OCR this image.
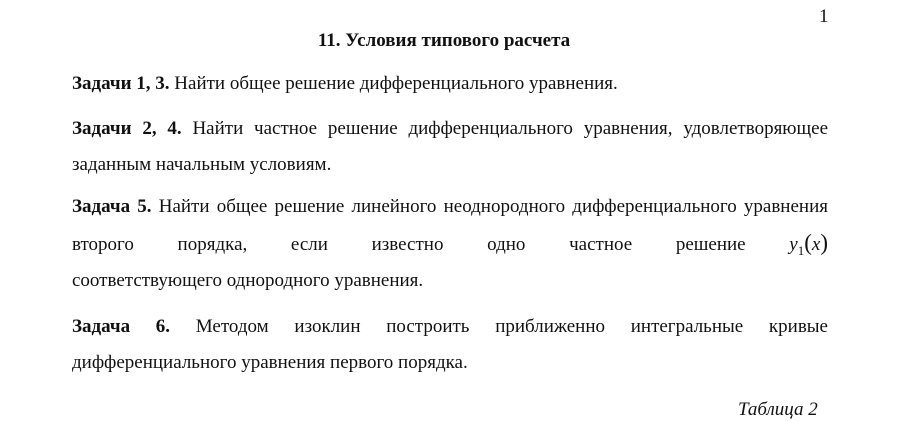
1
11. Условия типового расчета

Задачи 1, 3. Найти общее решение дифференциального уравнения.

Задачи 2, 4. Найти частное решение дифференциального уравнения, удовлетворяющее заданным начальным условиям.

Задача 5. Найти общее решение линейного неоднородного дифференциального уравнения второго порядка, если известно одно частное решение $y_1(x)$

соответствующего однородного уравнения.

Задача 6. Методом изоклин построить приближенно интегральные кривые дифференциального уравнения первого порядка.

Таблица 2
